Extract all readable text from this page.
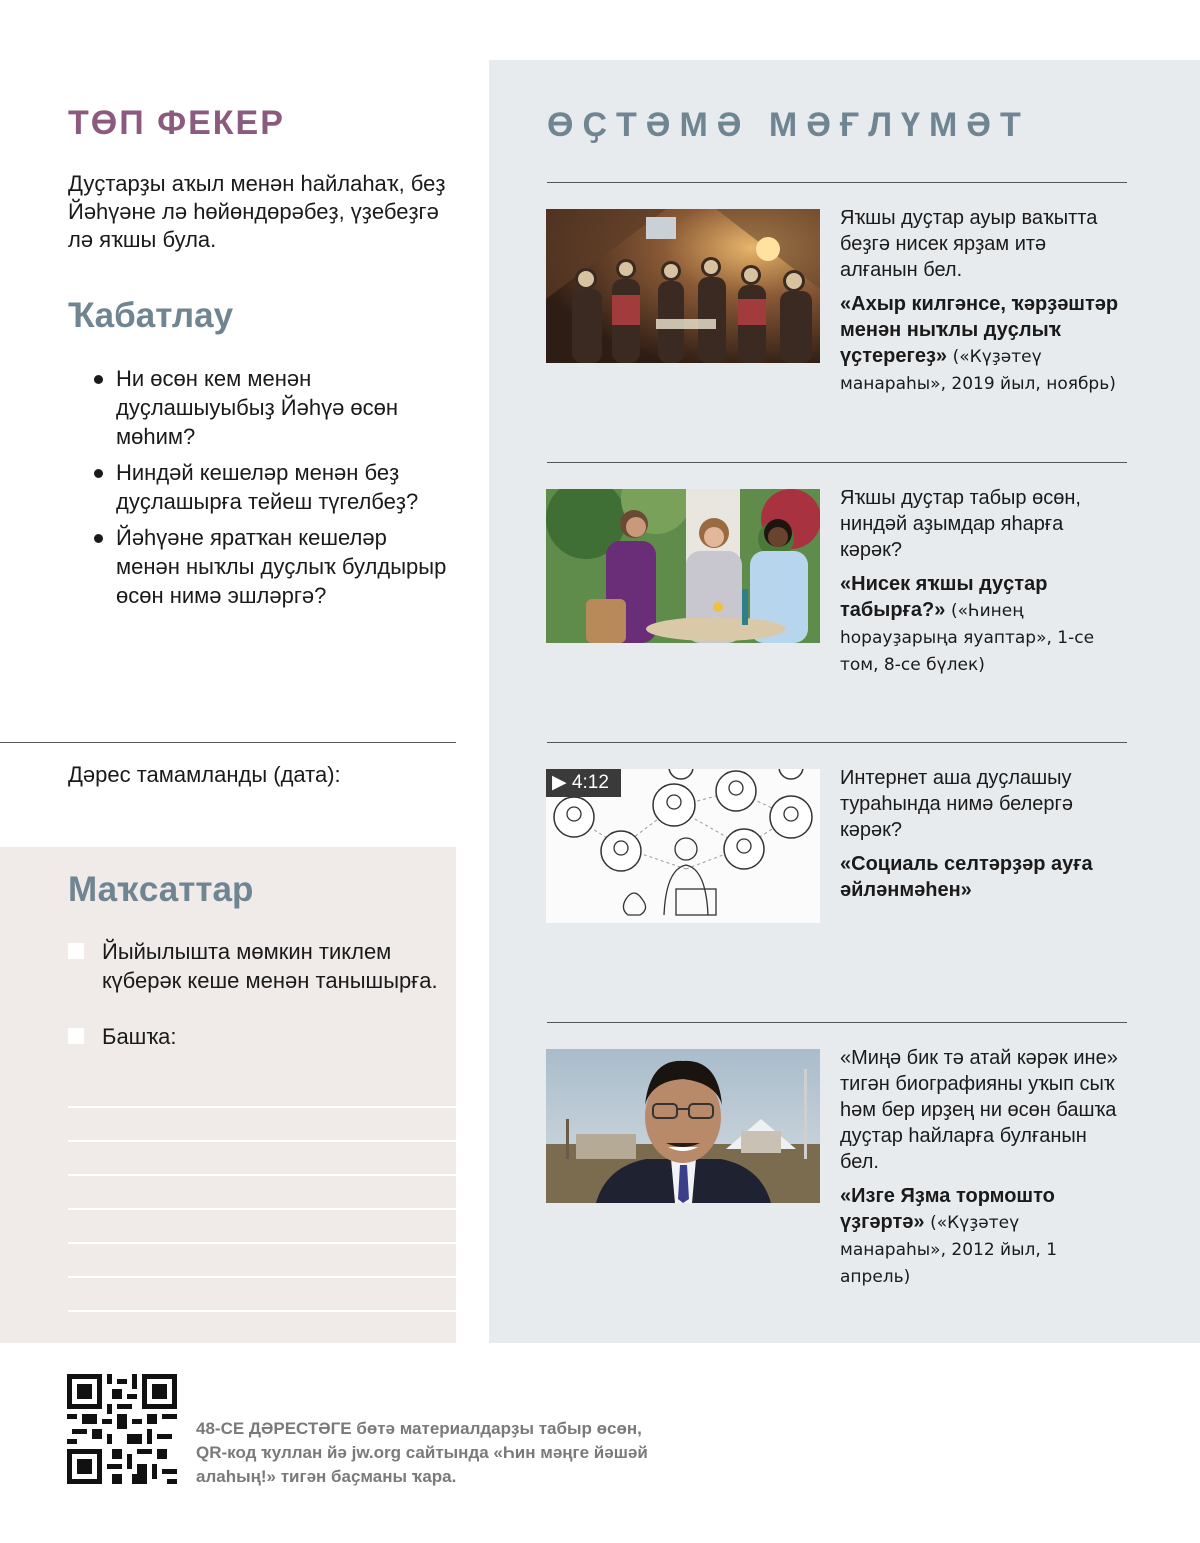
ТӨП ФЕКЕР

Дуҫтарҙы аҡыл менән һайлаһаҡ, беҙ Йәһүәне лә һөйөндөрәбеҙ, үҙебеҙгә лә яҡшы була.

Ҡабатлау
Ни өсөн кем менән дуҫлашыуыбыҙ Йәһүә өсөн мөһим?
Ниндәй кешеләр менән беҙ дуҫлашырға тейеш түгелбеҙ?
Йәһүәне яратҡан кешеләр менән ныҡлы дуҫлыҡ булдырыр өсөн нимә эшләргә?
Дәрес тамамланды (дата):
Маҡсаттар
Йыйылышта мөмкин тиклем күберәк кеше менән танышырға.
Башҡа:
ӨҪТӘМӘ МӘҒЛҮМӘТ
Яҡшы дуҫтар ауыр ваҡытта беҙгә нисек ярҙам итә алғанын бел.
«Ахыр килгәнсе, ҡәрҙәштәр менән ныҡлы дуҫлыҡ үҫтерегеҙ» («Күҙәтеү манараһы», 2019 йыл, ноябрь)
Яҡшы дуҫтар табыр өсөн, ниндәй аҙымдар яһарға кәрәк?
«Нисек яҡшы дуҫтар табырға?» («Һинең һорауҙарыңа яуаптар», 1-се том, 8-се бүлек)
▶ 4:12	Интернет аша дуҫлашыу тураһында нимә белергә кәрәк?
«Социаль селтәрҙәр ауға әйләнмәһен»
«Миңә бик тә атай кәрәк ине» тигән биографияны уҡып сыҡ һәм бер ирҙең ни өсөн башҡа дуҫтар һайларға булғанын бел.
«Изге Яҙма тормошто үҙгәртә» («Күҙәтеү манараһы», 2012 йыл, 1 апрель)

48-СЕ ДӘРЕСТӘГЕ бөтә материалдарҙы табыр өсөн, QR-код ҡуллан йә jw.org сайтында «Һин мәңге йәшәй алаһың!» тигән баҫманы ҡара.
